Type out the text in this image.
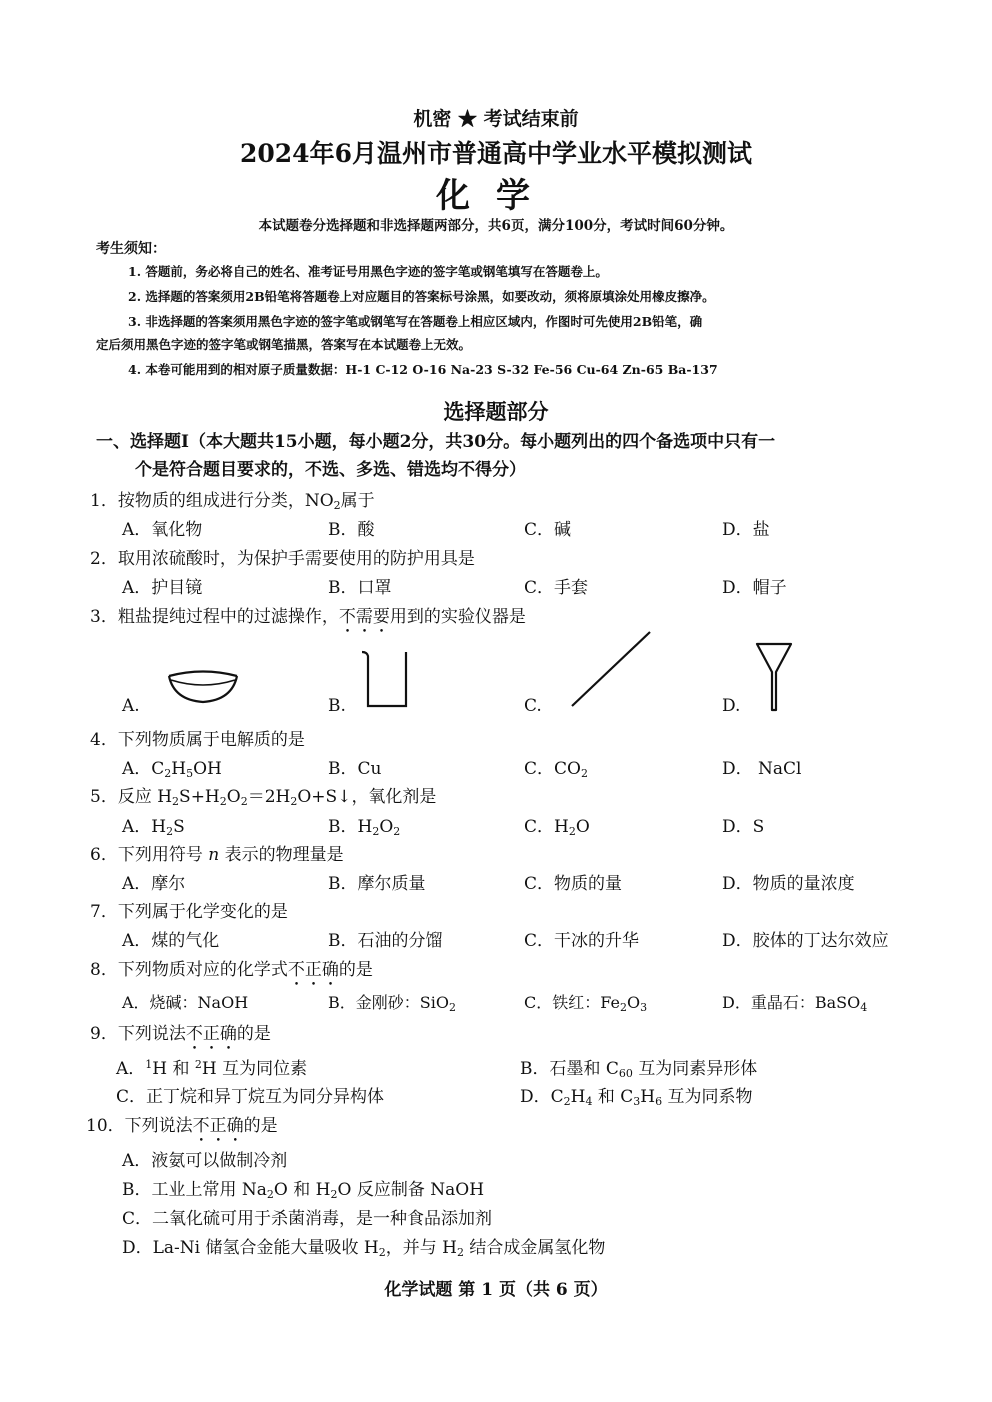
机密 ★ 考试结束前
2024年6月温州市普通高中学业水平模拟测试
化学
本试题卷分选择题和非选择题两部分，共6页，满分100分，考试时间60分钟。
考生须知：
1. 答题前，务必将自己的姓名、准考证号用黑色字迹的签字笔或钢笔填写在答题卷上。
2. 选择题的答案须用2B铅笔将答题卷上对应题目的答案标号涂黑，如要改动，须将原填涂处用橡皮擦净。
3. 非选择题的答案须用黑色字迹的签字笔或钢笔写在答题卷上相应区域内，作图时可先使用2B铅笔，确
定后须用黑色字迹的签字笔或钢笔描黑，答案写在本试题卷上无效。
4. 本卷可能用到的相对原子质量数据：H-1 C-12 O-16 Na-23 S-32 Fe-56 Cu-64 Zn-65 Ba-137
选择题部分
一、选择题Ⅰ（本大题共15小题，每小题2分，共30分。每小题列出的四个备选项中只有一
个是符合题目要求的，不选、多选、错选均不得分）
1．按物质的组成进行分类，$NO_2$属于
A．氧化物	B．酸	C．碱	D．盐
2．取用浓硫酸时，为保护手需要使用的防护用具是
A．护目镜	B．口罩	C．手套	D．帽子
3．粗盐提纯过程中的过滤操作，不需要用到的实验仪器是
A.	B.	C.	D.
4．下列物质属于电解质的是
A．$C_2H_5OH$	B．Cu	C．$CO_2$	D． NaCl
5．反应 $H_2S+H_2O_2=2H_2O+S↓$，氧化剂是
A．$H_2S$	B．$H_2O_2$	C．$H_2O$	D．S
6．下列用符号 n 表示的物理量是
A．摩尔	B．摩尔质量	C．物质的量	D．物质的量浓度
7．下列属于化学变化的是
A．煤的气化	B．石油的分馏	C．干冰的升华	D．胶体的丁达尔效应
8．下列物质对应的化学式不正确的是
A．烧碱：NaOH	B．金刚砂：SiO$_2$	C．铁红：$Fe_2O_3$	D．重晶石：BaSO$_4$
9．下列说法不正确的是
A．$^1$H 和 $^2$H 互为同位素	B．石墨和 $C_{60}$ 互为同素异形体
C．正丁烷和异丁烷互为同分异构体	D．$C_2H_4$ 和 $C_3H_6$ 互为同系物
10．下列说法不正确的是
A．液氨可以做制冷剂
B．工业上常用 $Na_2O$ 和 $H_2O$ 反应制备 NaOH
C．二氧化硫可用于杀菌消毒，是一种食品添加剂
D．La-Ni 储氢合金能大量吸收 $H_2$，并与 $H_2$ 结合成金属氢化物
化学试题 第 1 页（共 6 页）
